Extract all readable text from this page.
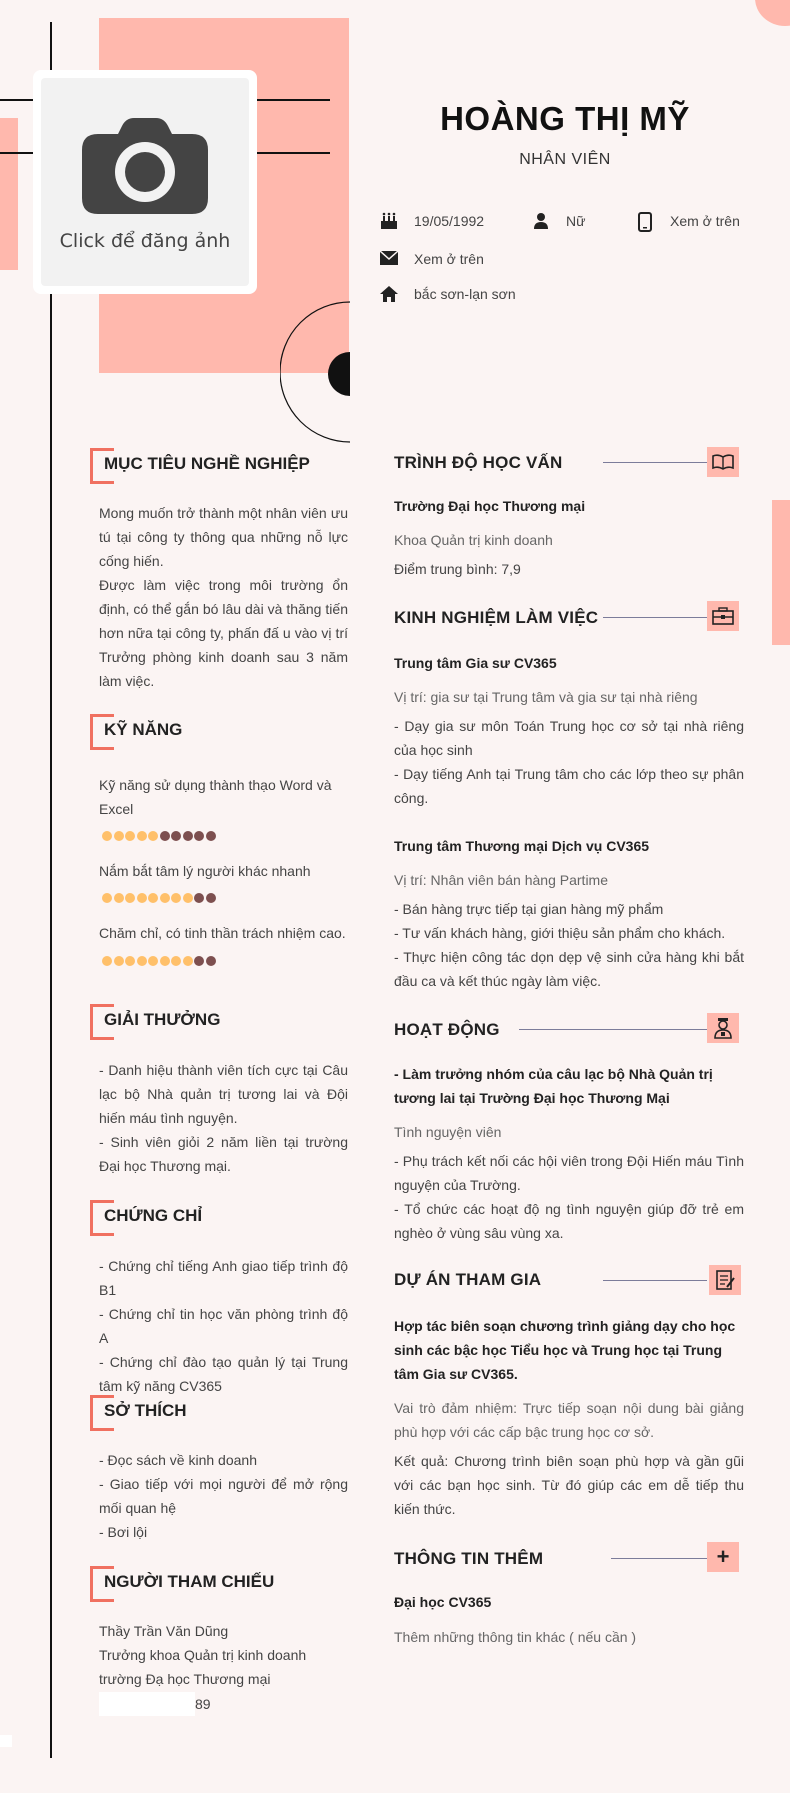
Click để đăng ảnh
HOÀNG THỊ MỸ
NHÂN VIÊN
19/05/1992	Nữ	Xem ở trên
Xem ở trên
bắc sơn-lạn sơn
MỤC TIÊU NGHỀ NGHIỆP
Mong muốn trở thành một nhân viên ưu tú tại công ty thông qua những nỗ lực cống hiến.
Được làm việc trong môi trường ổn định, có thể gắn bó lâu dài và thăng tiến hơn nữa tại công ty, phấn đấ u vào vị trí Trưởng phòng kinh doanh sau 3 năm làm việc.
KỸ NĂNG
Kỹ năng sử dụng thành thạo Word và Excel
Nắm bắt tâm lý người khác nhanh
Chăm chỉ, có tinh thần trách nhiệm cao.
GIẢI THƯỞNG
- Danh hiệu thành viên tích cực tại Câu lạc bộ Nhà quản trị tương lai và Đội hiến máu tình nguyện.
- Sinh viên giỏi 2 năm liền tại trường Đại học Thương mại.
CHỨNG CHỈ
- Chứng chỉ tiếng Anh giao tiếp trình độ B1
- Chứng chỉ tin học văn phòng trình độ A
- Chứng chỉ đào tạo quản lý tại Trung tâm kỹ năng CV365
SỞ THÍCH
- Đọc sách về kinh doanh
- Giao tiếp với mọi người để mở rộng mối quan hệ
- Bơi lội
NGƯỜI THAM CHIẾU
Thầy Trần Văn Dũng
Trưởng khoa Quản trị kinh doanh trường Đạ học Thương mại
89
TRÌNH ĐỘ HỌC VẤN
Trường Đại học Thương mại
Khoa Quản trị kinh doanh
Điểm trung bình: 7,9
KINH NGHIỆM LÀM VIỆC
Trung tâm Gia sư CV365
Vị trí: gia sư tại Trung tâm và gia sư tại nhà riêng
- Dạy gia sư môn Toán Trung học cơ sở tại nhà riêng của học sinh
- Dạy tiếng Anh tại Trung tâm cho các lớp theo sự phân công.
Trung tâm Thương mại Dịch vụ CV365
Vị trí: Nhân viên bán hàng Partime
- Bán hàng trực tiếp tại gian hàng mỹ phẩm
- Tư vấn khách hàng, giới thiệu sản phẩm cho khách.
- Thực hiện công tác dọn dẹp vệ sinh cửa hàng khi bắt đầu ca và kết thúc ngày làm việc.
HOẠT ĐỘNG
- Làm trưởng nhóm của câu lạc bộ Nhà Quản trị tương lai tại Trường Đại học Thương Mại
Tình nguyện viên
- Phụ trách kết nối các hội viên trong Đội Hiến máu Tình nguyện của Trường.
- Tổ chức các hoạt độ ng tình nguyện giúp đỡ trẻ em nghèo ở vùng sâu vùng xa.
DỰ ÁN THAM GIA
Hợp tác biên soạn chương trình giảng dạy cho học sinh các bậc học Tiểu học và Trung học tại Trung tâm Gia sư CV365.
Vai trò đảm nhiệm: Trực tiếp soạn nội dung bài giảng phù hợp với các cấp bậc trung học cơ sở.
Kết quả: Chương trình biên soạn phù hợp và gần gũi với các bạn học sinh. Từ đó giúp các em dễ tiếp thu kiến thức.
THÔNG TIN THÊM	+
Đại học CV365
Thêm những thông tin khác ( nếu cần )
